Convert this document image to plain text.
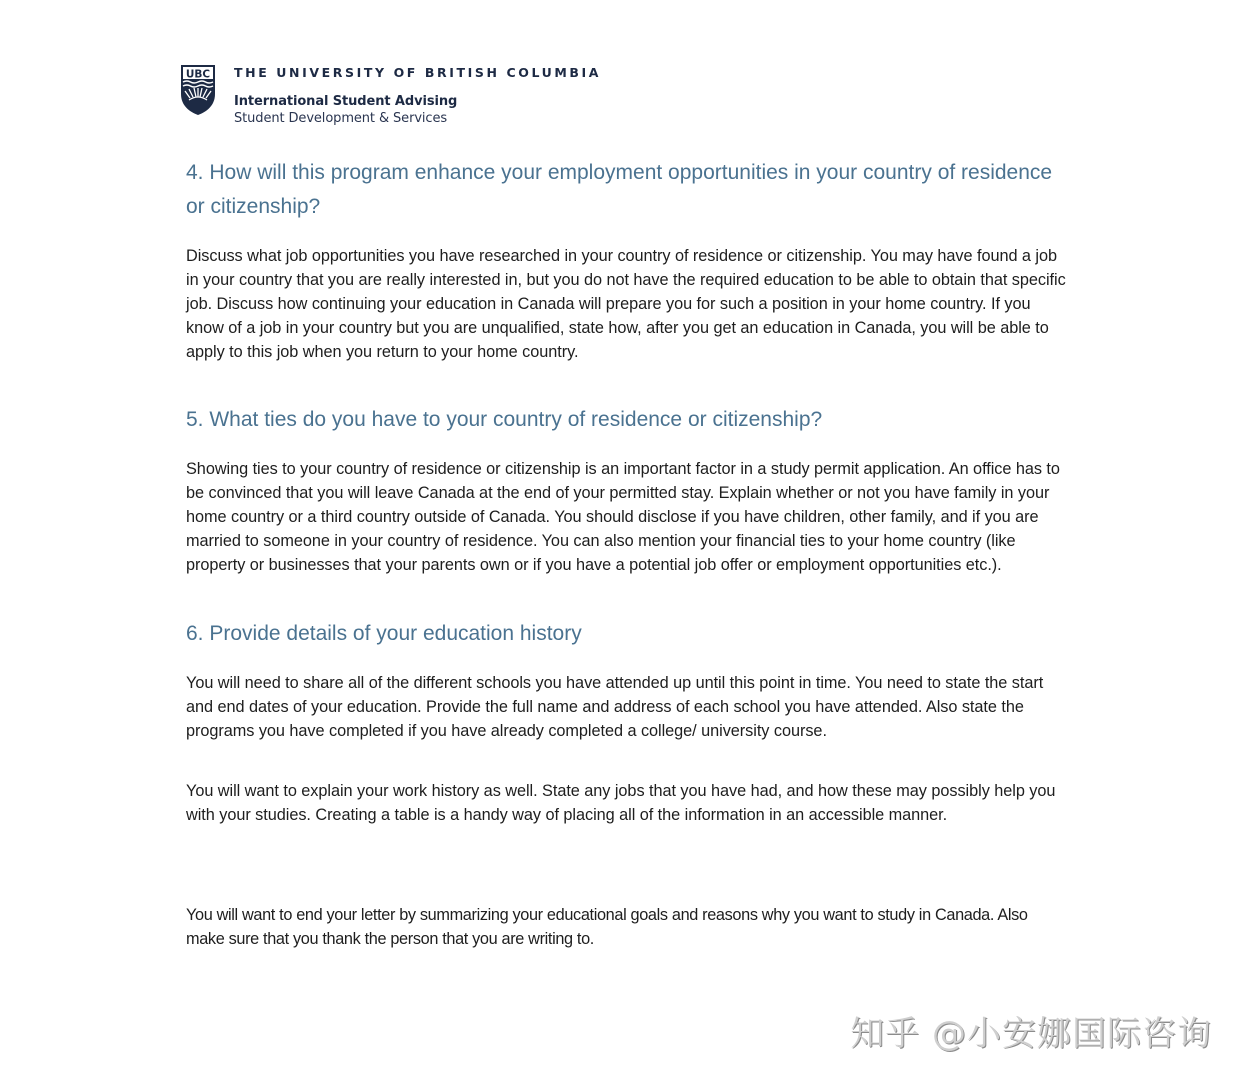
UBC THE UNIVERSITY OF BRITISH COLUMBIA
International Student Advising
Student Development & Services
4. How will this program enhance your employment opportunities in your country of residence or citizenship?

Discuss what job opportunities you have researched in your country of residence or citizenship. You may have found a job in your country that you are really interested in, but you do not have the required education to be able to obtain that specific job. Discuss how continuing your education in Canada will prepare you for such a position in your home country. If you know of a job in your country but you are unqualified, state how, after you get an education in Canada, you will be able to apply to this job when you return to your home country.

5. What ties do you have to your country of residence or citizenship?

Showing ties to your country of residence or citizenship is an important factor in a study permit application. An office has to be convinced that you will leave Canada at the end of your permitted stay. Explain whether or not you have family in your home country or a third country outside of Canada. You should disclose if you have children, other family, and if you are married to someone in your country of residence. You can also mention your financial ties to your home country (like property or businesses that your parents own or if you have a potential job offer or employment opportunities etc.).

6. Provide details of your education history

You will need to share all of the different schools you have attended up until this point in time. You need to state the start and end dates of your education. Provide the full name and address of each school you have attended. Also state the programs you have completed if you have already completed a college/ university course.

You will want to explain your work history as well. State any jobs that you have had, and how these may possibly help you with your studies. Creating a table is a handy way of placing all of the information in an accessible manner.

You will want to end your letter by summarizing your educational goals and reasons why you want to study in Canada. Also make sure that you thank the person that you are writing to.

知乎 @小安娜国际咨询
